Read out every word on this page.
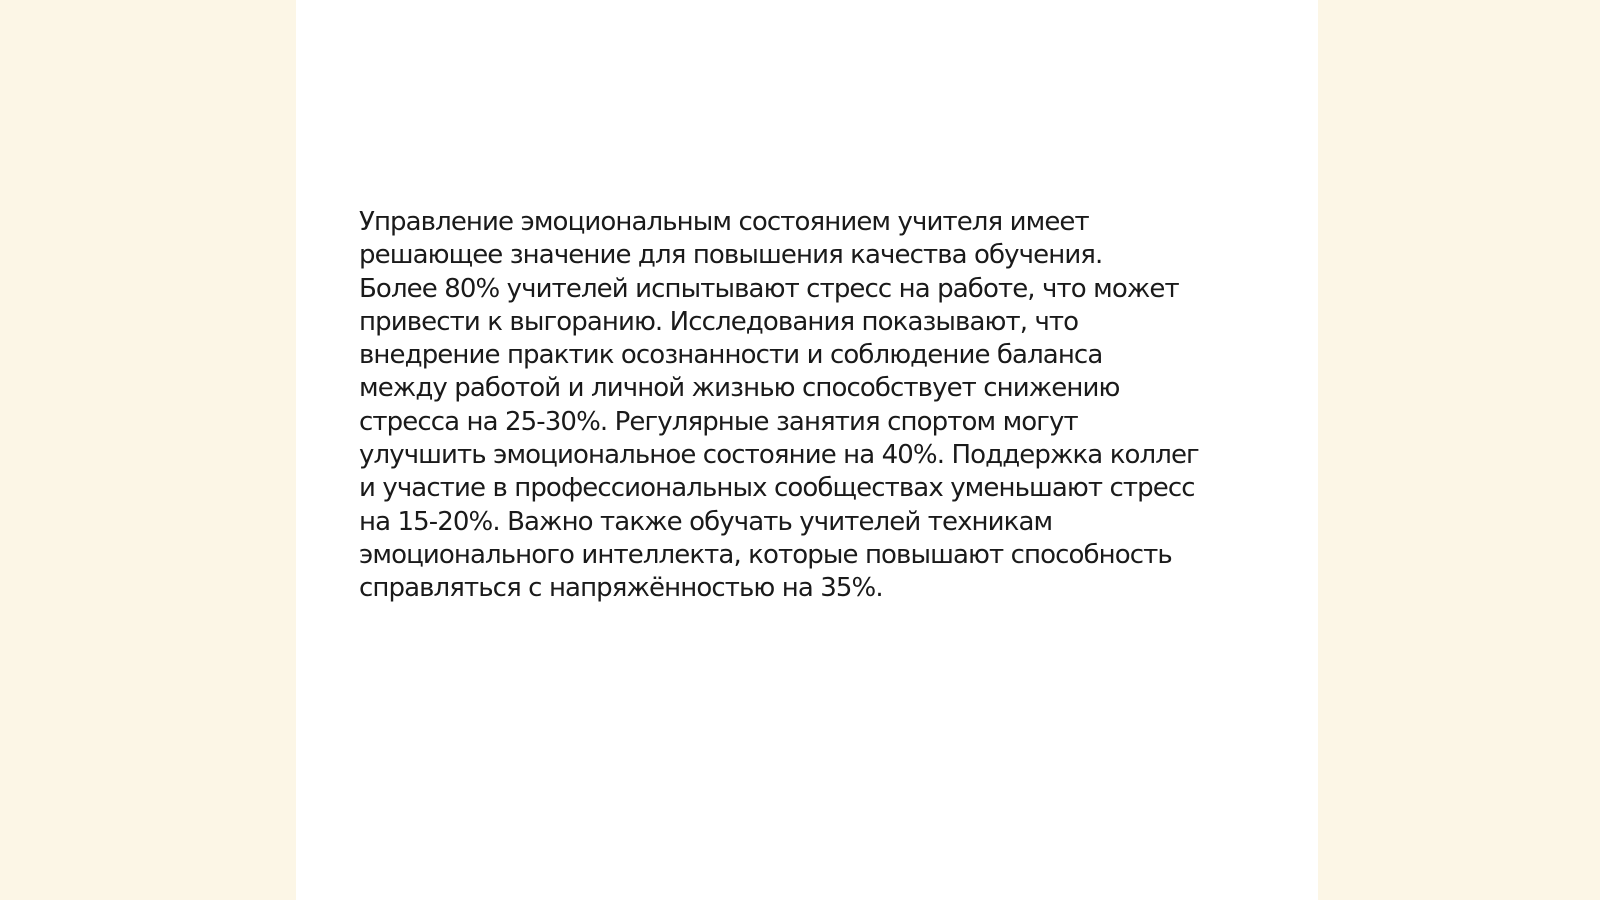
Управление эмоциональным состоянием учителя имеет
решающее значение для повышения качества обучения.
Более 80% учителей испытывают стресс на работе, что может
привести к выгоранию. Исследования показывают, что
внедрение практик осознанности и соблюдение баланса
между работой и личной жизнью способствует снижению
стресса на 25-30%. Регулярные занятия спортом могут
улучшить эмоциональное состояние на 40%. Поддержка коллег
и участие в профессиональных сообществах уменьшают стресс
на 15-20%. Важно также обучать учителей техникам
эмоционального интеллекта, которые повышают способность
справляться с напряжённостью на 35%.
